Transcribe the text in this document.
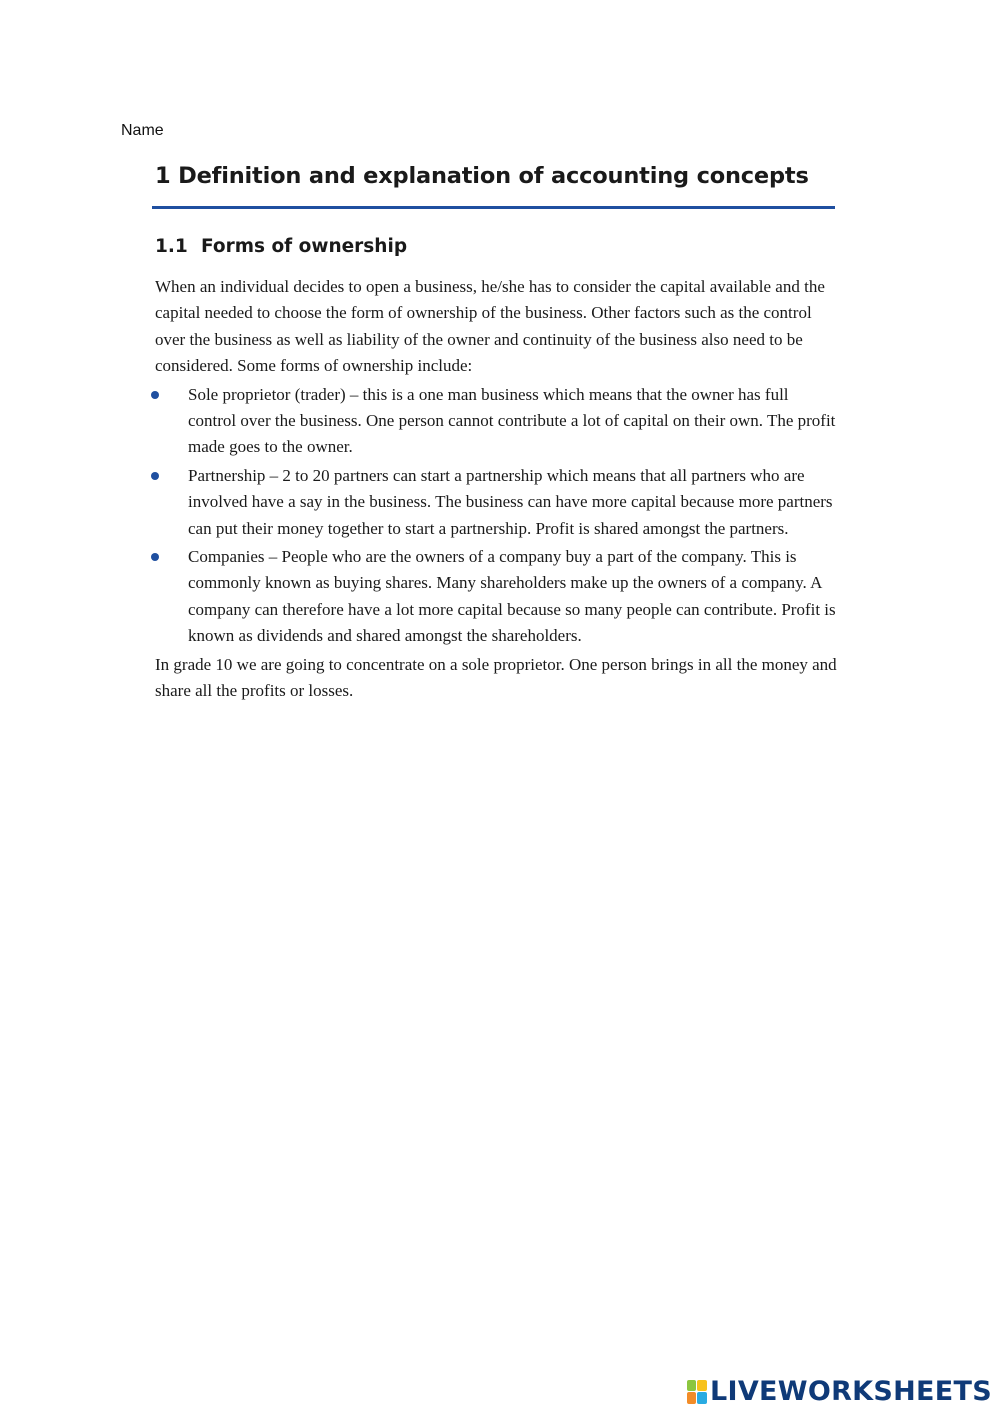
Name
1 Definition and explanation of accounting concepts
1.1 Forms of ownership

When an individual decides to open a business, he/she has to consider the capital available and the capital needed to choose the form of ownership of the business. Other factors such as the control over the business as well as liability of the owner and continuity of the business also need to be considered. Some forms of ownership include:

Sole proprietor (trader) – this is a one man business which means that the owner has full control over the business. One person cannot contribute a lot of capital on their own. The profit made goes to the owner.
Partnership – 2 to 20 partners can start a partnership which means that all partners who are involved have a say in the business. The business can have more capital because more partners can put their money together to start a partnership. Profit is shared amongst the partners.
Companies – People who are the owners of a company buy a part of the company. This is commonly known as buying shares. Many shareholders make up the owners of a company. A company can therefore have a lot more capital because so many people can contribute. Profit is known as dividends and shared amongst the shareholders.

In grade 10 we are going to concentrate on a sole proprietor. One person brings in all the money and share all the profits or losses.

LIVEWORKSHEETS
